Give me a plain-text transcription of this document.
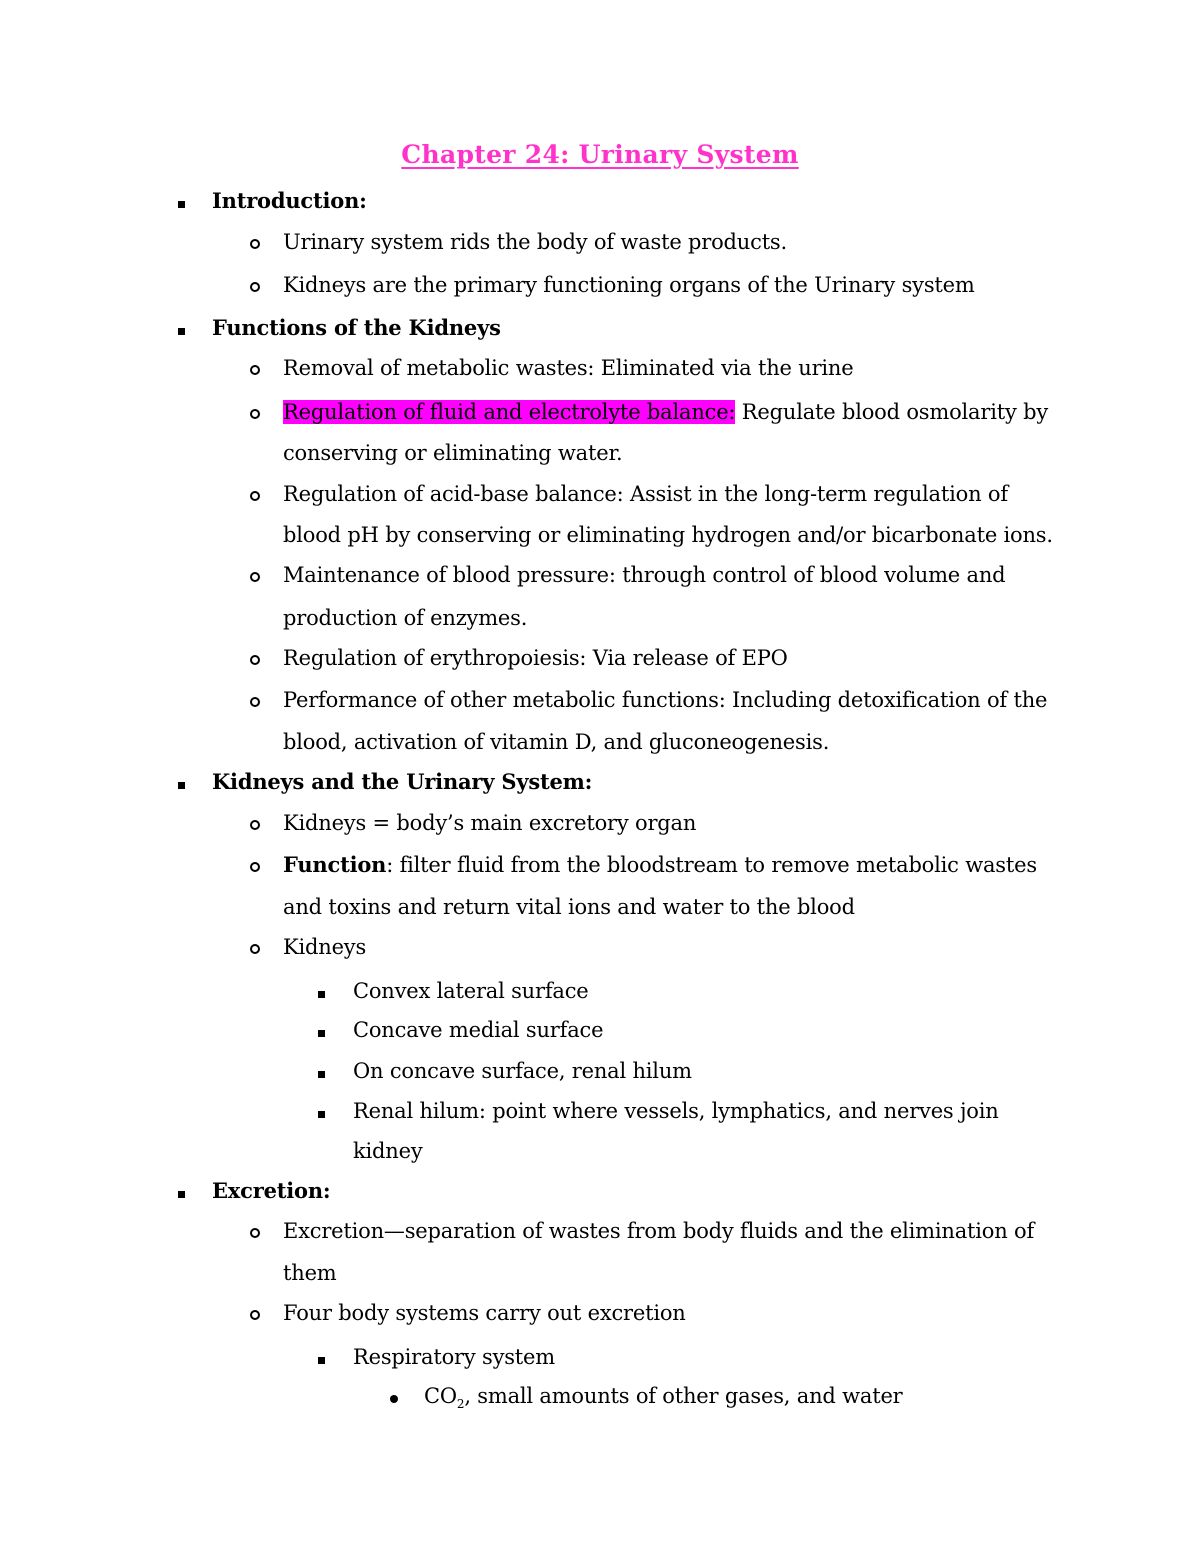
Chapter 24: Urinary System
Introduction:
Urinary system rids the body of waste products.
Kidneys are the primary functioning organs of the Urinary system
Functions of the Kidneys
Removal of metabolic wastes: Eliminated via the urine
Regulation of fluid and electrolyte balance: Regulate blood osmolarity by
conserving or eliminating water.
Regulation of acid-base balance: Assist in the long-term regulation of
blood pH by conserving or eliminating hydrogen and/or bicarbonate ions.
Maintenance of blood pressure: through control of blood volume and
production of enzymes.
Regulation of erythropoiesis: Via release of EPO
Performance of other metabolic functions: Including detoxification of the
blood, activation of vitamin D, and gluconeogenesis.
Kidneys and the Urinary System:
Kidneys = body’s main excretory organ
Function: filter fluid from the bloodstream to remove metabolic wastes
and toxins and return vital ions and water to the blood
Kidneys
Convex lateral surface
Concave medial surface
On concave surface, renal hilum
Renal hilum: point where vessels, lymphatics, and nerves join
kidney
Excretion:
Excretion—separation of wastes from body fluids and the elimination of
them
Four body systems carry out excretion
Respiratory system
$CO_2$, small amounts of other gases, and water
